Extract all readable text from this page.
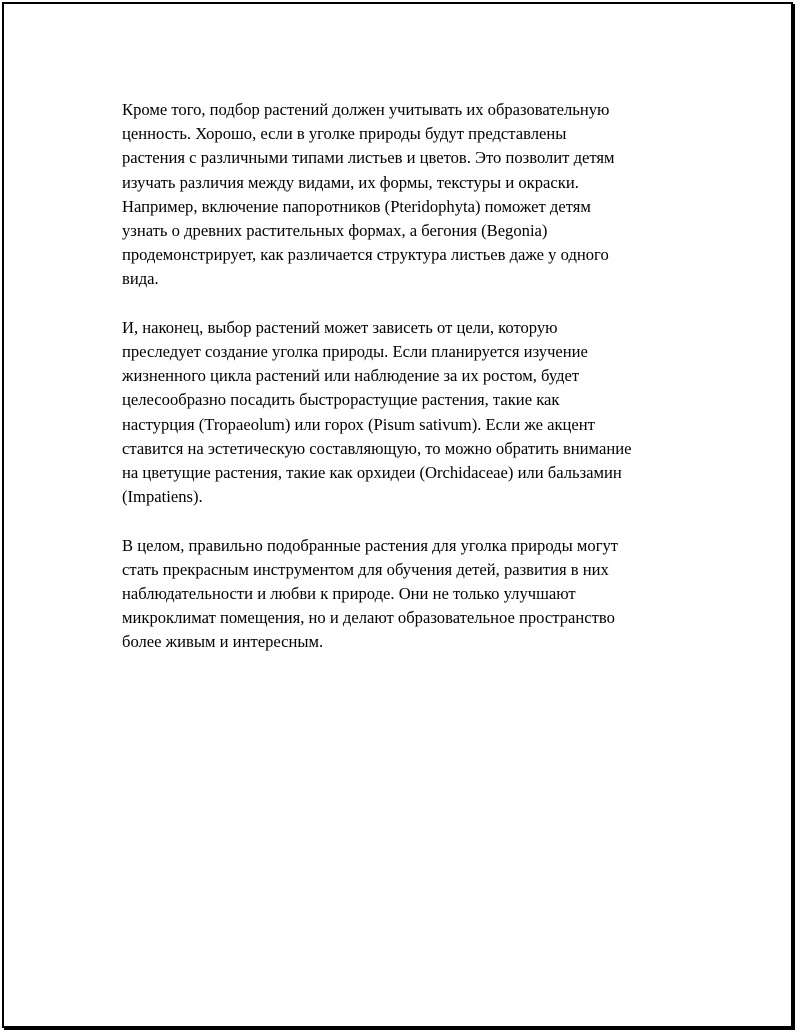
Кроме того, подбор растений должен учитывать их образовательную
ценность. Хорошо, если в уголке природы будут представлены
растения с различными типами листьев и цветов. Это позволит детям
изучать различия между видами, их формы, текстуры и окраски.
Например, включение папоротников (Pteridophyta) поможет детям
узнать о древних растительных формах, а бегония (Begonia)
продемонстрирует, как различается структура листьев даже у одного
вида.

И, наконец, выбор растений может зависеть от цели, которую
преследует создание уголка природы. Если планируется изучение
жизненного цикла растений или наблюдение за их ростом, будет
целесообразно посадить быстрорастущие растения, такие как
настурция (Tropaeolum) или горох (Pisum sativum). Если же акцент
ставится на эстетическую составляющую, то можно обратить внимание
на цветущие растения, такие как орхидеи (Orchidaceae) или бальзамин
(Impatiens).

В целом, правильно подобранные растения для уголка природы могут
стать прекрасным инструментом для обучения детей, развития в них
наблюдательности и любви к природе. Они не только улучшают
микроклимат помещения, но и делают образовательное пространство
более живым и интересным.
